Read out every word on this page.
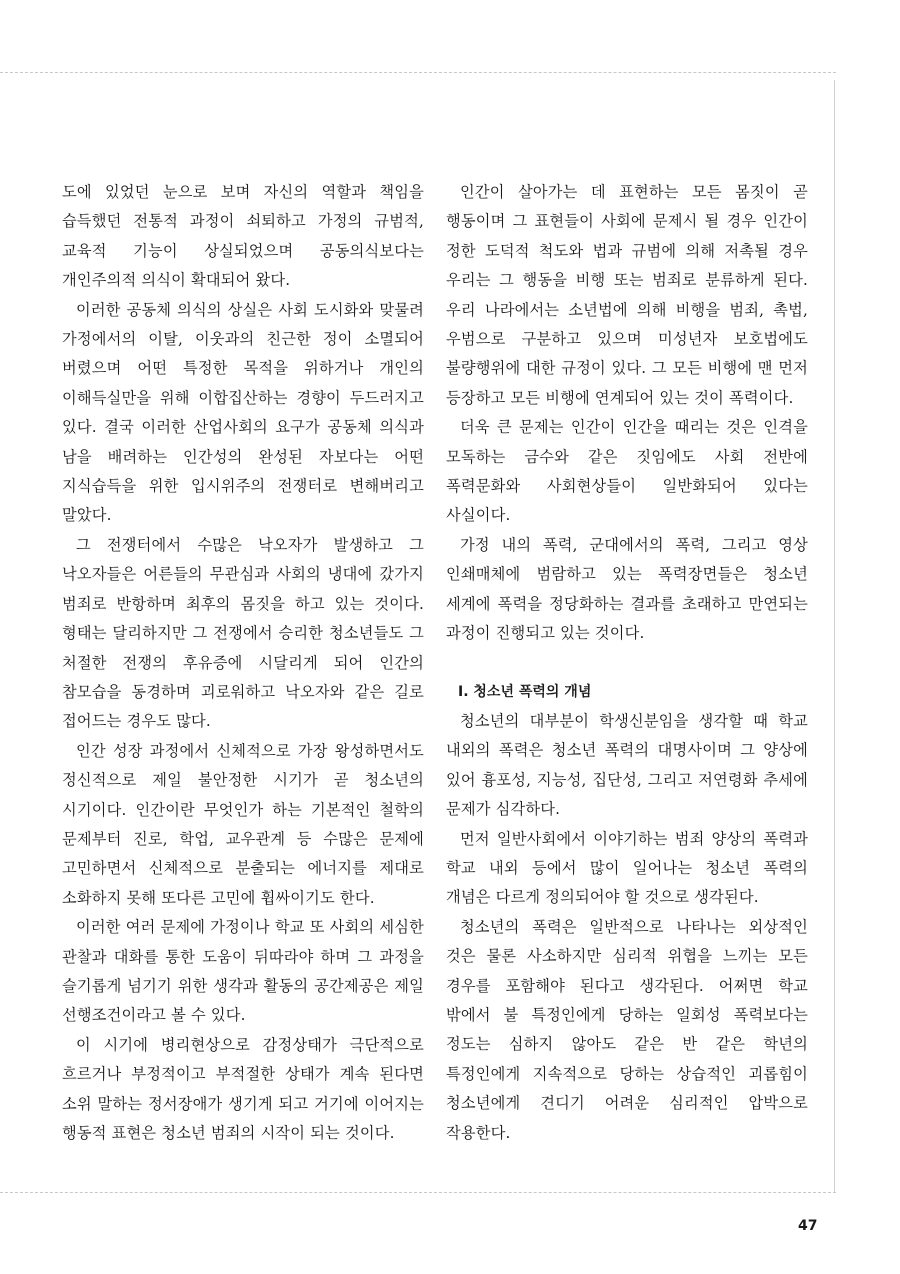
도에 있었던 눈으로 보며 자신의 역할과 책임을 습득했던 전통적 과정이 쇠퇴하고 가정의 규범적, 교육적 기능이 상실되었으며 공동의식보다는 개인주의적 의식이 확대되어 왔다.

이러한 공동체 의식의 상실은 사회 도시화와 맞물려 가정에서의 이탈, 이웃과의 친근한 정이 소멸되어 버렸으며 어떤 특정한 목적을 위하거나 개인의 이해득실만을 위해 이합집산하는 경향이 두드러지고 있다. 결국 이러한 산업사회의 요구가 공동체 의식과 남을 배려하는 인간성의 완성된 자보다는 어떤 지식습득을 위한 입시위주의 전쟁터로 변해버리고 말았다.

그 전쟁터에서 수많은 낙오자가 발생하고 그 낙오자들은 어른들의 무관심과 사회의 냉대에 갔가지 범죄로 반항하며 최후의 몸짓을 하고 있는 것이다. 형태는 달리하지만 그 전쟁에서 승리한 청소년들도 그 처절한 전쟁의 후유증에 시달리게 되어 인간의 참모습을 동경하며 괴로워하고 낙오자와 같은 길로 접어드는 경우도 많다.

인간 성장 과정에서 신체적으로 가장 왕성하면서도 정신적으로 제일 불안정한 시기가 곧 청소년의 시기이다. 인간이란 무엇인가 하는 기본적인 철학의 문제부터 진로, 학업, 교우관계 등 수많은 문제에 고민하면서 신체적으로 분출되는 에너지를 제대로 소화하지 못해 또다른 고민에 휩싸이기도 한다.

이러한 여러 문제에 가정이나 학교 또 사회의 세심한 관찰과 대화를 통한 도움이 뒤따라야 하며 그 과정을 슬기롭게 넘기기 위한 생각과 활동의 공간제공은 제일 선행조건이라고 볼 수 있다.

이 시기에 병리현상으로 감정상태가 극단적으로 흐르거나 부정적이고 부적절한 상태가 계속 된다면 소위 말하는 정서장애가 생기게 되고 거기에 이어지는 행동적 표현은 청소년 범죄의 시작이 되는 것이다.

인간이 살아가는 데 표현하는 모든 몸짓이 곧 행동이며 그 표현들이 사회에 문제시 될 경우 인간이 정한 도덕적 척도와 법과 규범에 의해 저촉될 경우 우리는 그 행동을 비행 또는 범죄로 분류하게 된다. 우리 나라에서는 소년법에 의해 비행을 범죄, 촉법, 우범으로 구분하고 있으며 미성년자 보호법에도 불량행위에 대한 규정이 있다. 그 모든 비행에 맨 먼저 등장하고 모든 비행에 연계되어 있는 것이 폭력이다.

더욱 큰 문제는 인간이 인간을 때리는 것은 인격을 모독하는 금수와 같은 짓임에도 사회 전반에 폭력문화와 사회현상들이 일반화되어 있다는 사실이다.

가정 내의 폭력, 군대에서의 폭력, 그리고 영상 인쇄매체에 범람하고 있는 폭력장면들은 청소년 세계에 폭력을 정당화하는 결과를 초래하고 만연되는 과정이 진행되고 있는 것이다.

Ⅰ. 청소년 폭력의 개념

청소년의 대부분이 학생신분임을 생각할 때 학교 내외의 폭력은 청소년 폭력의 대명사이며 그 양상에 있어 흉포성, 지능성, 집단성, 그리고 저연령화 추세에 문제가 심각하다.

먼저 일반사회에서 이야기하는 범죄 양상의 폭력과 학교 내외 등에서 많이 일어나는 청소년 폭력의 개념은 다르게 정의되어야 할 것으로 생각된다.

청소년의 폭력은 일반적으로 나타나는 외상적인 것은 물론 사소하지만 심리적 위협을 느끼는 모든 경우를 포함해야 된다고 생각된다. 어쩌면 학교 밖에서 불 특정인에게 당하는 일회성 폭력보다는 정도는 심하지 않아도 같은 반 같은 학년의 특정인에게 지속적으로 당하는 상습적인 괴롭힘이 청소년에게 견디기 어려운 심리적인 압박으로 작용한다.

47
